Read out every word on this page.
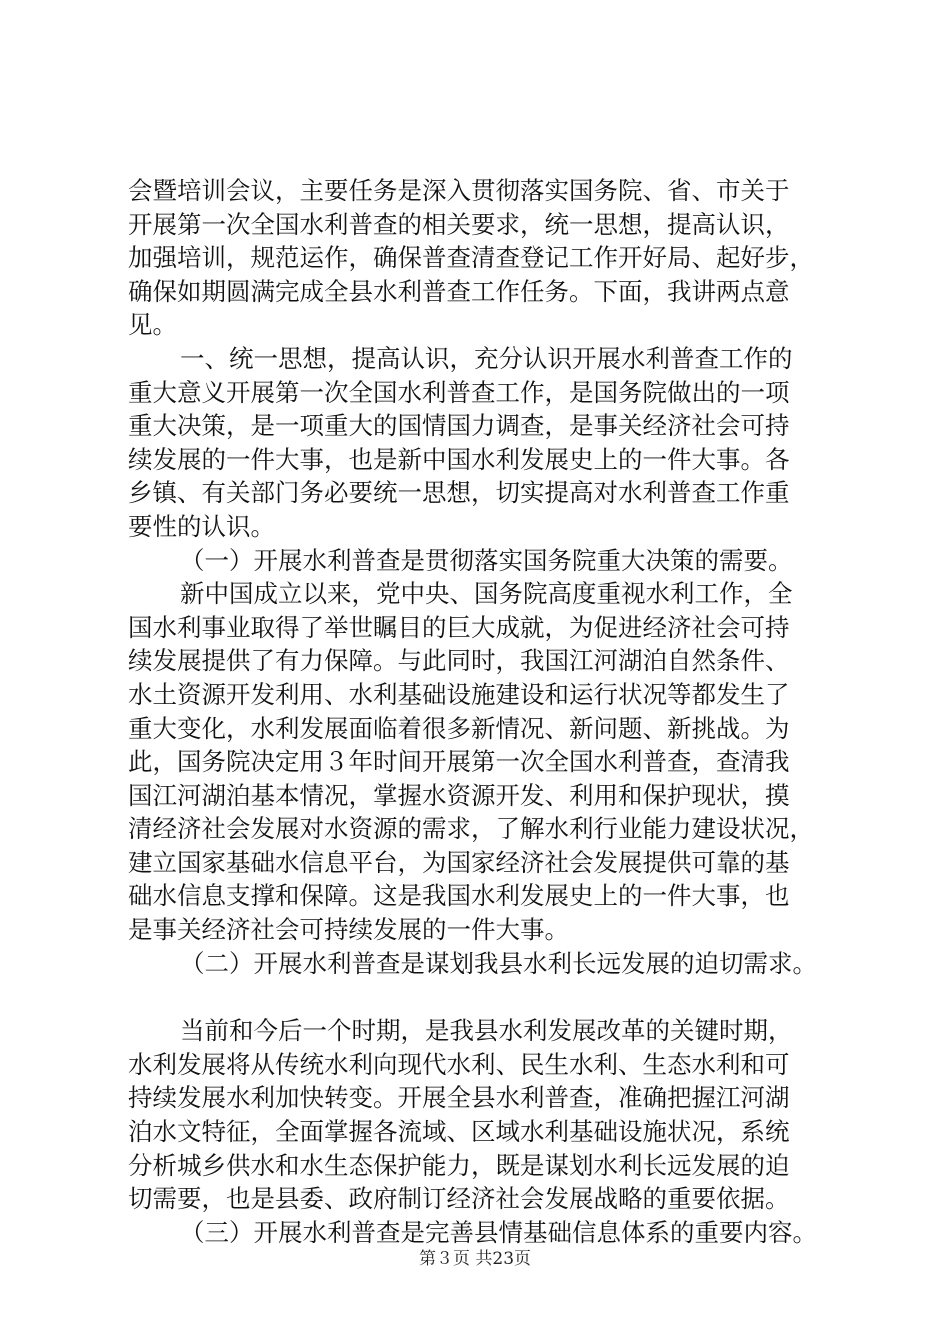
会暨培训会议，主要任务是深入贯彻落实国务院、省、市关于
开展第一次全国水利普查的相关要求，统一思想，提高认识，
加强培训，规范运作，确保普查清查登记工作开好局、起好步，
确保如期圆满完成全县水利普查工作任务。下面，我讲两点意
见。
一、统一思想，提高认识，充分认识开展水利普查工作的
重大意义开展第一次全国水利普查工作，是国务院做出的一项
重大决策，是一项重大的国情国力调查，是事关经济社会可持
续发展的一件大事，也是新中国水利发展史上的一件大事。各
乡镇、有关部门务必要统一思想，切实提高对水利普查工作重
要性的认识。
（一）开展水利普查是贯彻落实国务院重大决策的需要。
新中国成立以来，党中央、国务院高度重视水利工作，全
国水利事业取得了举世瞩目的巨大成就，为促进经济社会可持
续发展提供了有力保障。与此同时，我国江河湖泊自然条件、
水土资源开发利用、水利基础设施建设和运行状况等都发生了
重大变化，水利发展面临着很多新情况、新问题、新挑战。为
此，国务院决定用３年时间开展第一次全国水利普查，查清我
国江河湖泊基本情况，掌握水资源开发、利用和保护现状，摸
清经济社会发展对水资源的需求，了解水利行业能力建设状况，
建立国家基础水信息平台，为国家经济社会发展提供可靠的基
础水信息支撑和保障。这是我国水利发展史上的一件大事，也
是事关经济社会可持续发展的一件大事。
（二）开展水利普查是谋划我县水利长远发展的迫切需求。
当前和今后一个时期，是我县水利发展改革的关键时期，
水利发展将从传统水利向现代水利、民生水利、生态水利和可
持续发展水利加快转变。开展全县水利普查，准确把握江河湖
泊水文特征，全面掌握各流域、区域水利基础设施状况，系统
分析城乡供水和水生态保护能力，既是谋划水利长远发展的迫
切需要，也是县委、政府制订经济社会发展战略的重要依据。
（三）开展水利普查是完善县情基础信息体系的重要内容。
第３页 共23页
